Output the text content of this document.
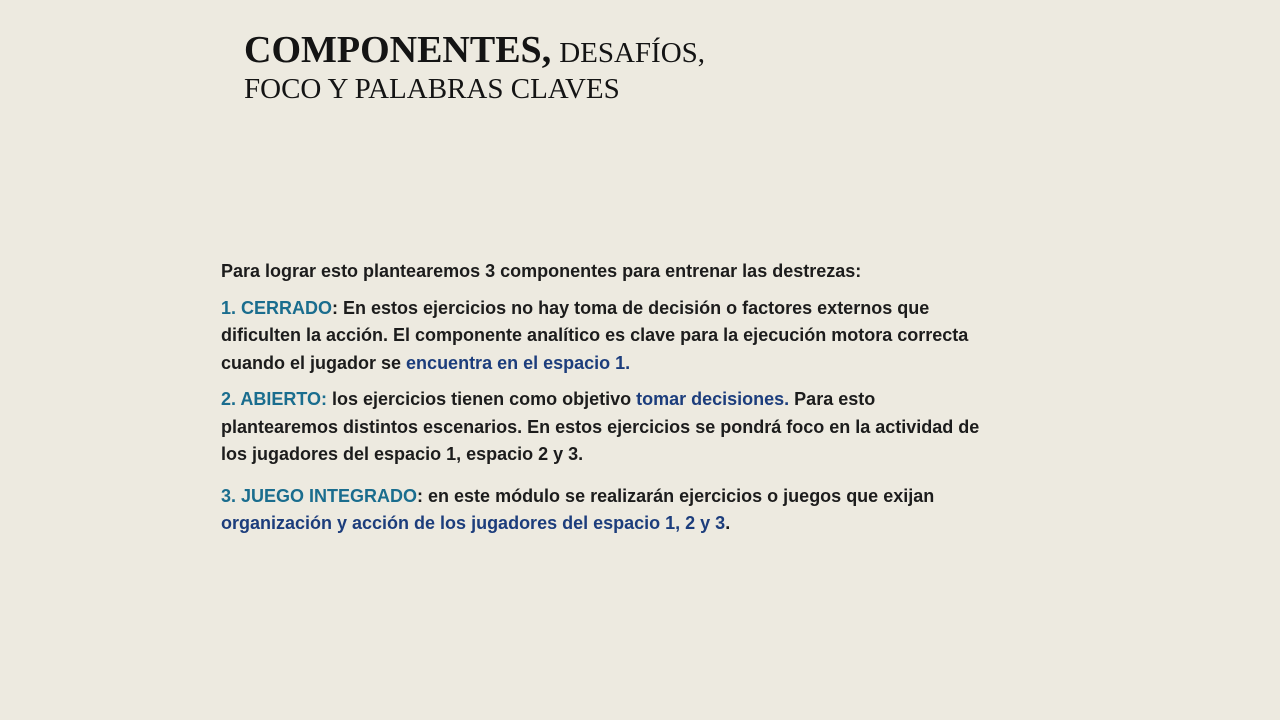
COMPONENTES, DESAFÍOS,
FOCO Y PALABRAS CLAVES

Para lograr esto plantearemos 3 componentes para entrenar las destrezas:

1. CERRADO: En estos ejercicios no hay toma de decisión o factores externos que dificulten la acción. El componente analítico es clave para la ejecución motora correcta cuando el jugador se encuentra en el espacio 1.

2. ABIERTO: los ejercicios tienen como objetivo tomar decisiones. Para esto plantearemos distintos escenarios. En estos ejercicios se pondrá foco en la actividad de los jugadores del espacio 1, espacio 2 y 3.

3. JUEGO INTEGRADO: en este módulo se realizarán ejercicios o juegos que exijan organización y acción de los jugadores del espacio 1, 2 y 3.
